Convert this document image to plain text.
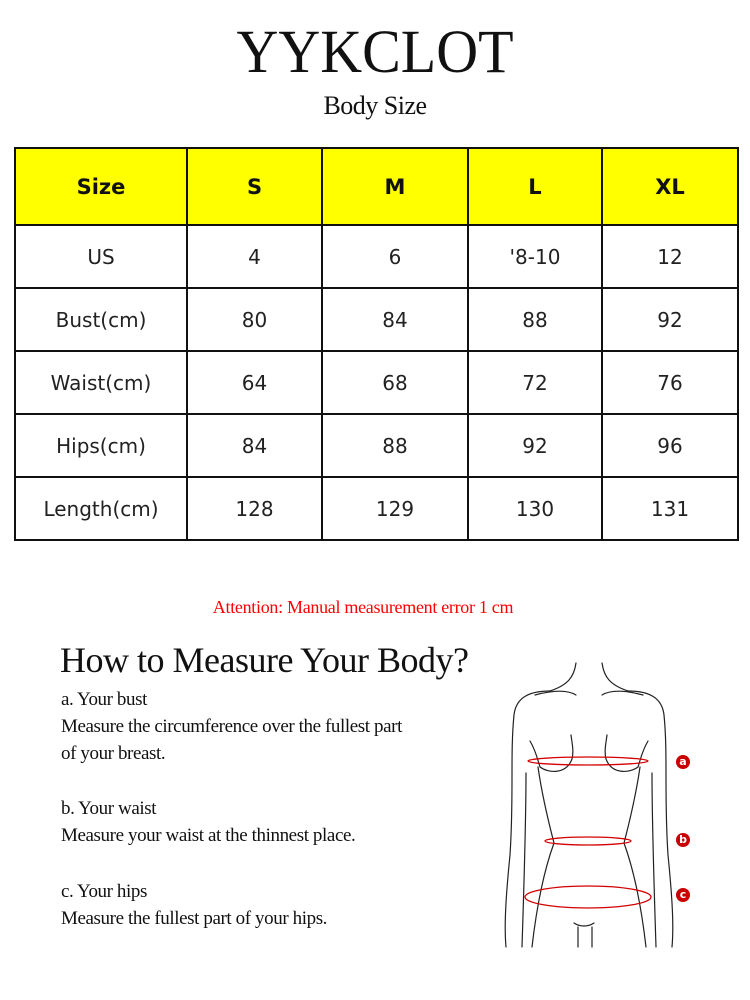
YYKCLOT
Body Size
Size	S	M	L	XL
US	4	6	'8-10	12
Bust(cm)	80	84	88	92
Waist(cm)	64	68	72	76
Hips(cm)	84	88	92	96
Length(cm)	128	129	130	131
Attention: Manual measurement error 1 cm
How to Measure Your Body?
a. Your bust
Measure the circumference over the fullest part
of your breast.
b. Your waist
Measure your waist at the thinnest place.
c. Your hips
Measure the fullest part of your hips.
a
b
c
